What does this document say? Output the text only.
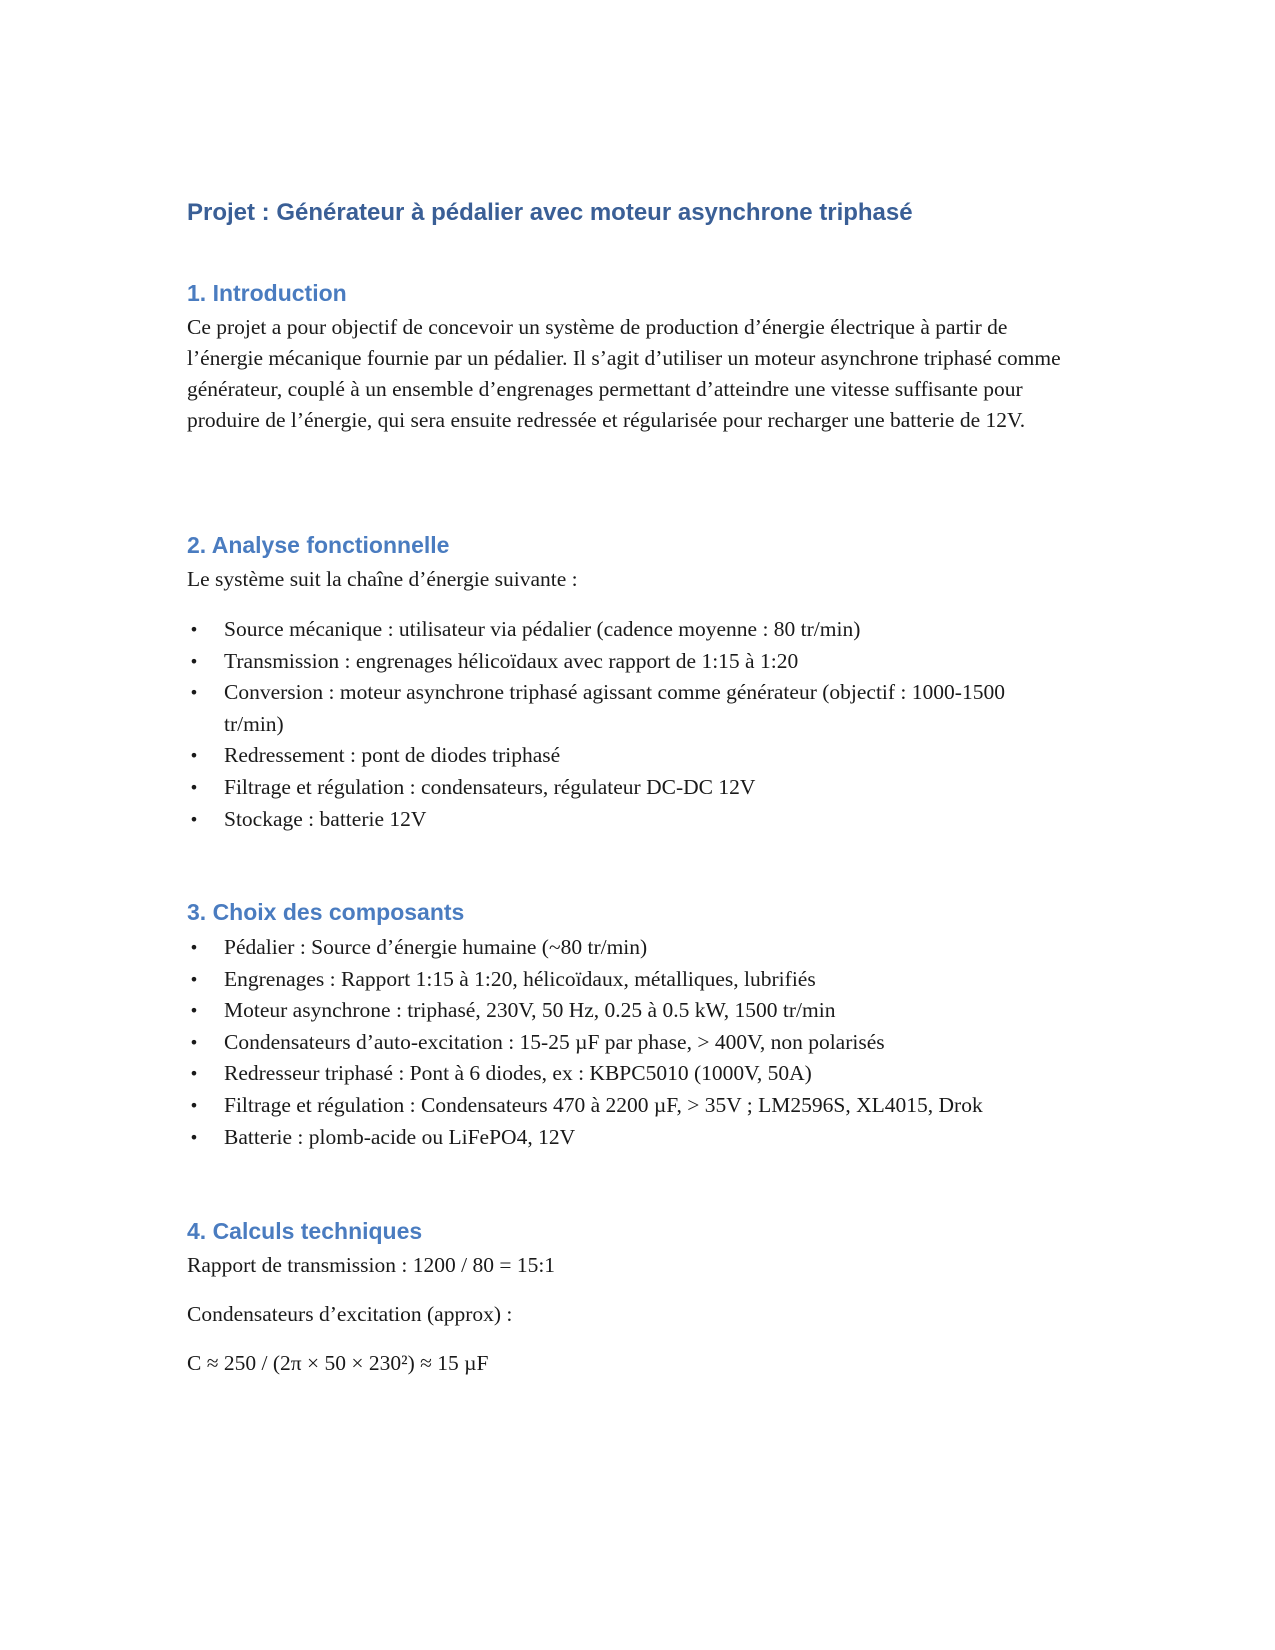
Projet : Générateur à pédalier avec moteur asynchrone triphasé
1. Introduction

Ce projet a pour objectif de concevoir un système de production d’énergie électrique à partir de l’énergie mécanique fournie par un pédalier. Il s’agit d’utiliser un moteur asynchrone triphasé comme générateur, couplé à un ensemble d’engrenages permettant d’atteindre une vitesse suffisante pour produire de l’énergie, qui sera ensuite redressée et régularisée pour recharger une batterie de 12V.

2. Analyse fonctionnelle

Le système suit la chaîne d’énergie suivante :

• Source mécanique : utilisateur via pédalier (cadence moyenne : 80 tr/min)
• Transmission : engrenages hélicoïdaux avec rapport de 1:15 à 1:20
• Conversion : moteur asynchrone triphasé agissant comme générateur (objectif : 1000-1500 tr/min)
• Redressement : pont de diodes triphasé
• Filtrage et régulation : condensateurs, régulateur DC-DC 12V
• Stockage : batterie 12V
3. Choix des composants
• Pédalier : Source d’énergie humaine (~80 tr/min)
• Engrenages : Rapport 1:15 à 1:20, hélicoïdaux, métalliques, lubrifiés
• Moteur asynchrone : triphasé, 230V, 50 Hz, 0.25 à 0.5 kW, 1500 tr/min
• Condensateurs d’auto-excitation : 15-25 µF par phase, > 400V, non polarisés
• Redresseur triphasé : Pont à 6 diodes, ex : KBPC5010 (1000V, 50A)
• Filtrage et régulation : Condensateurs 470 à 2200 µF, > 35V ; LM2596S, XL4015, Drok
• Batterie : plomb-acide ou LiFePO4, 12V
4. Calculs techniques

Rapport de transmission : 1200 / 80 = 15:1

Condensateurs d’excitation (approx) :

C ≈ 250 / (2π × 50 × 230²) ≈ 15 µF
